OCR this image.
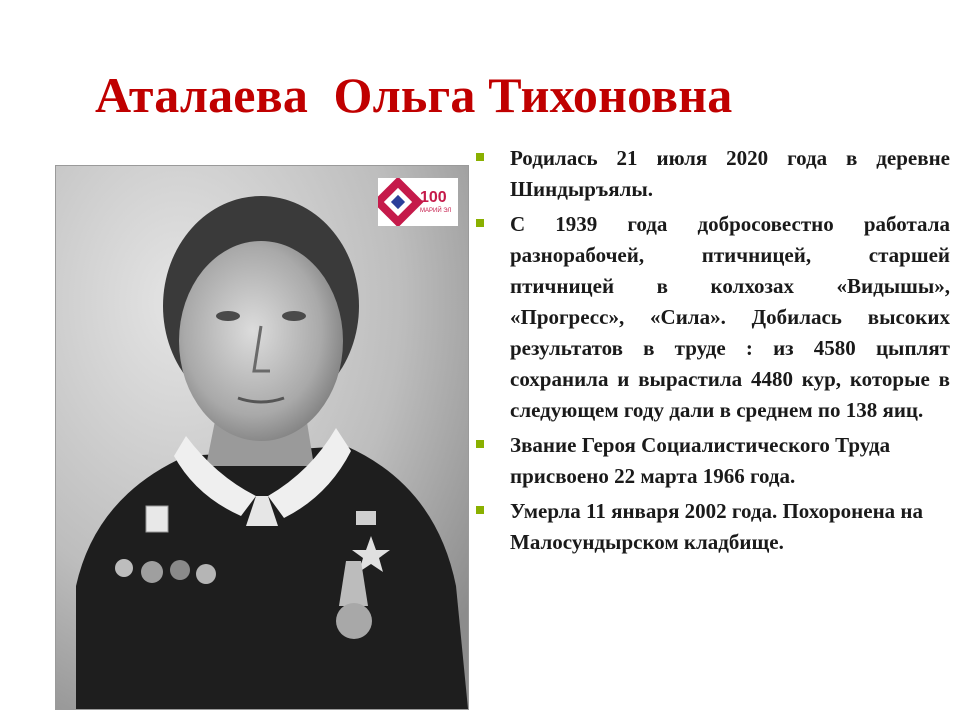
Аталаева  Ольга Тихоновна
100
МАРИЙ ЭЛ
Родилась 21 июля 2020 года в деревне Шиндыръялы.
С 1939 года добросовестно работала разнорабочей, птичницей, старшей птичницей в колхозах «Видышы», «Прогресс», «Сила». Добилась высоких результатов в труде : из 4580 цыплят сохранила и вырастила 4480 кур, которые в следующем году дали в среднем по 138 яиц.
Звание Героя Социалистического Труда присвоено 22 марта 1966 года.
Умерла 11 января 2002 года. Похоронена на Малосундырском кладбище.
